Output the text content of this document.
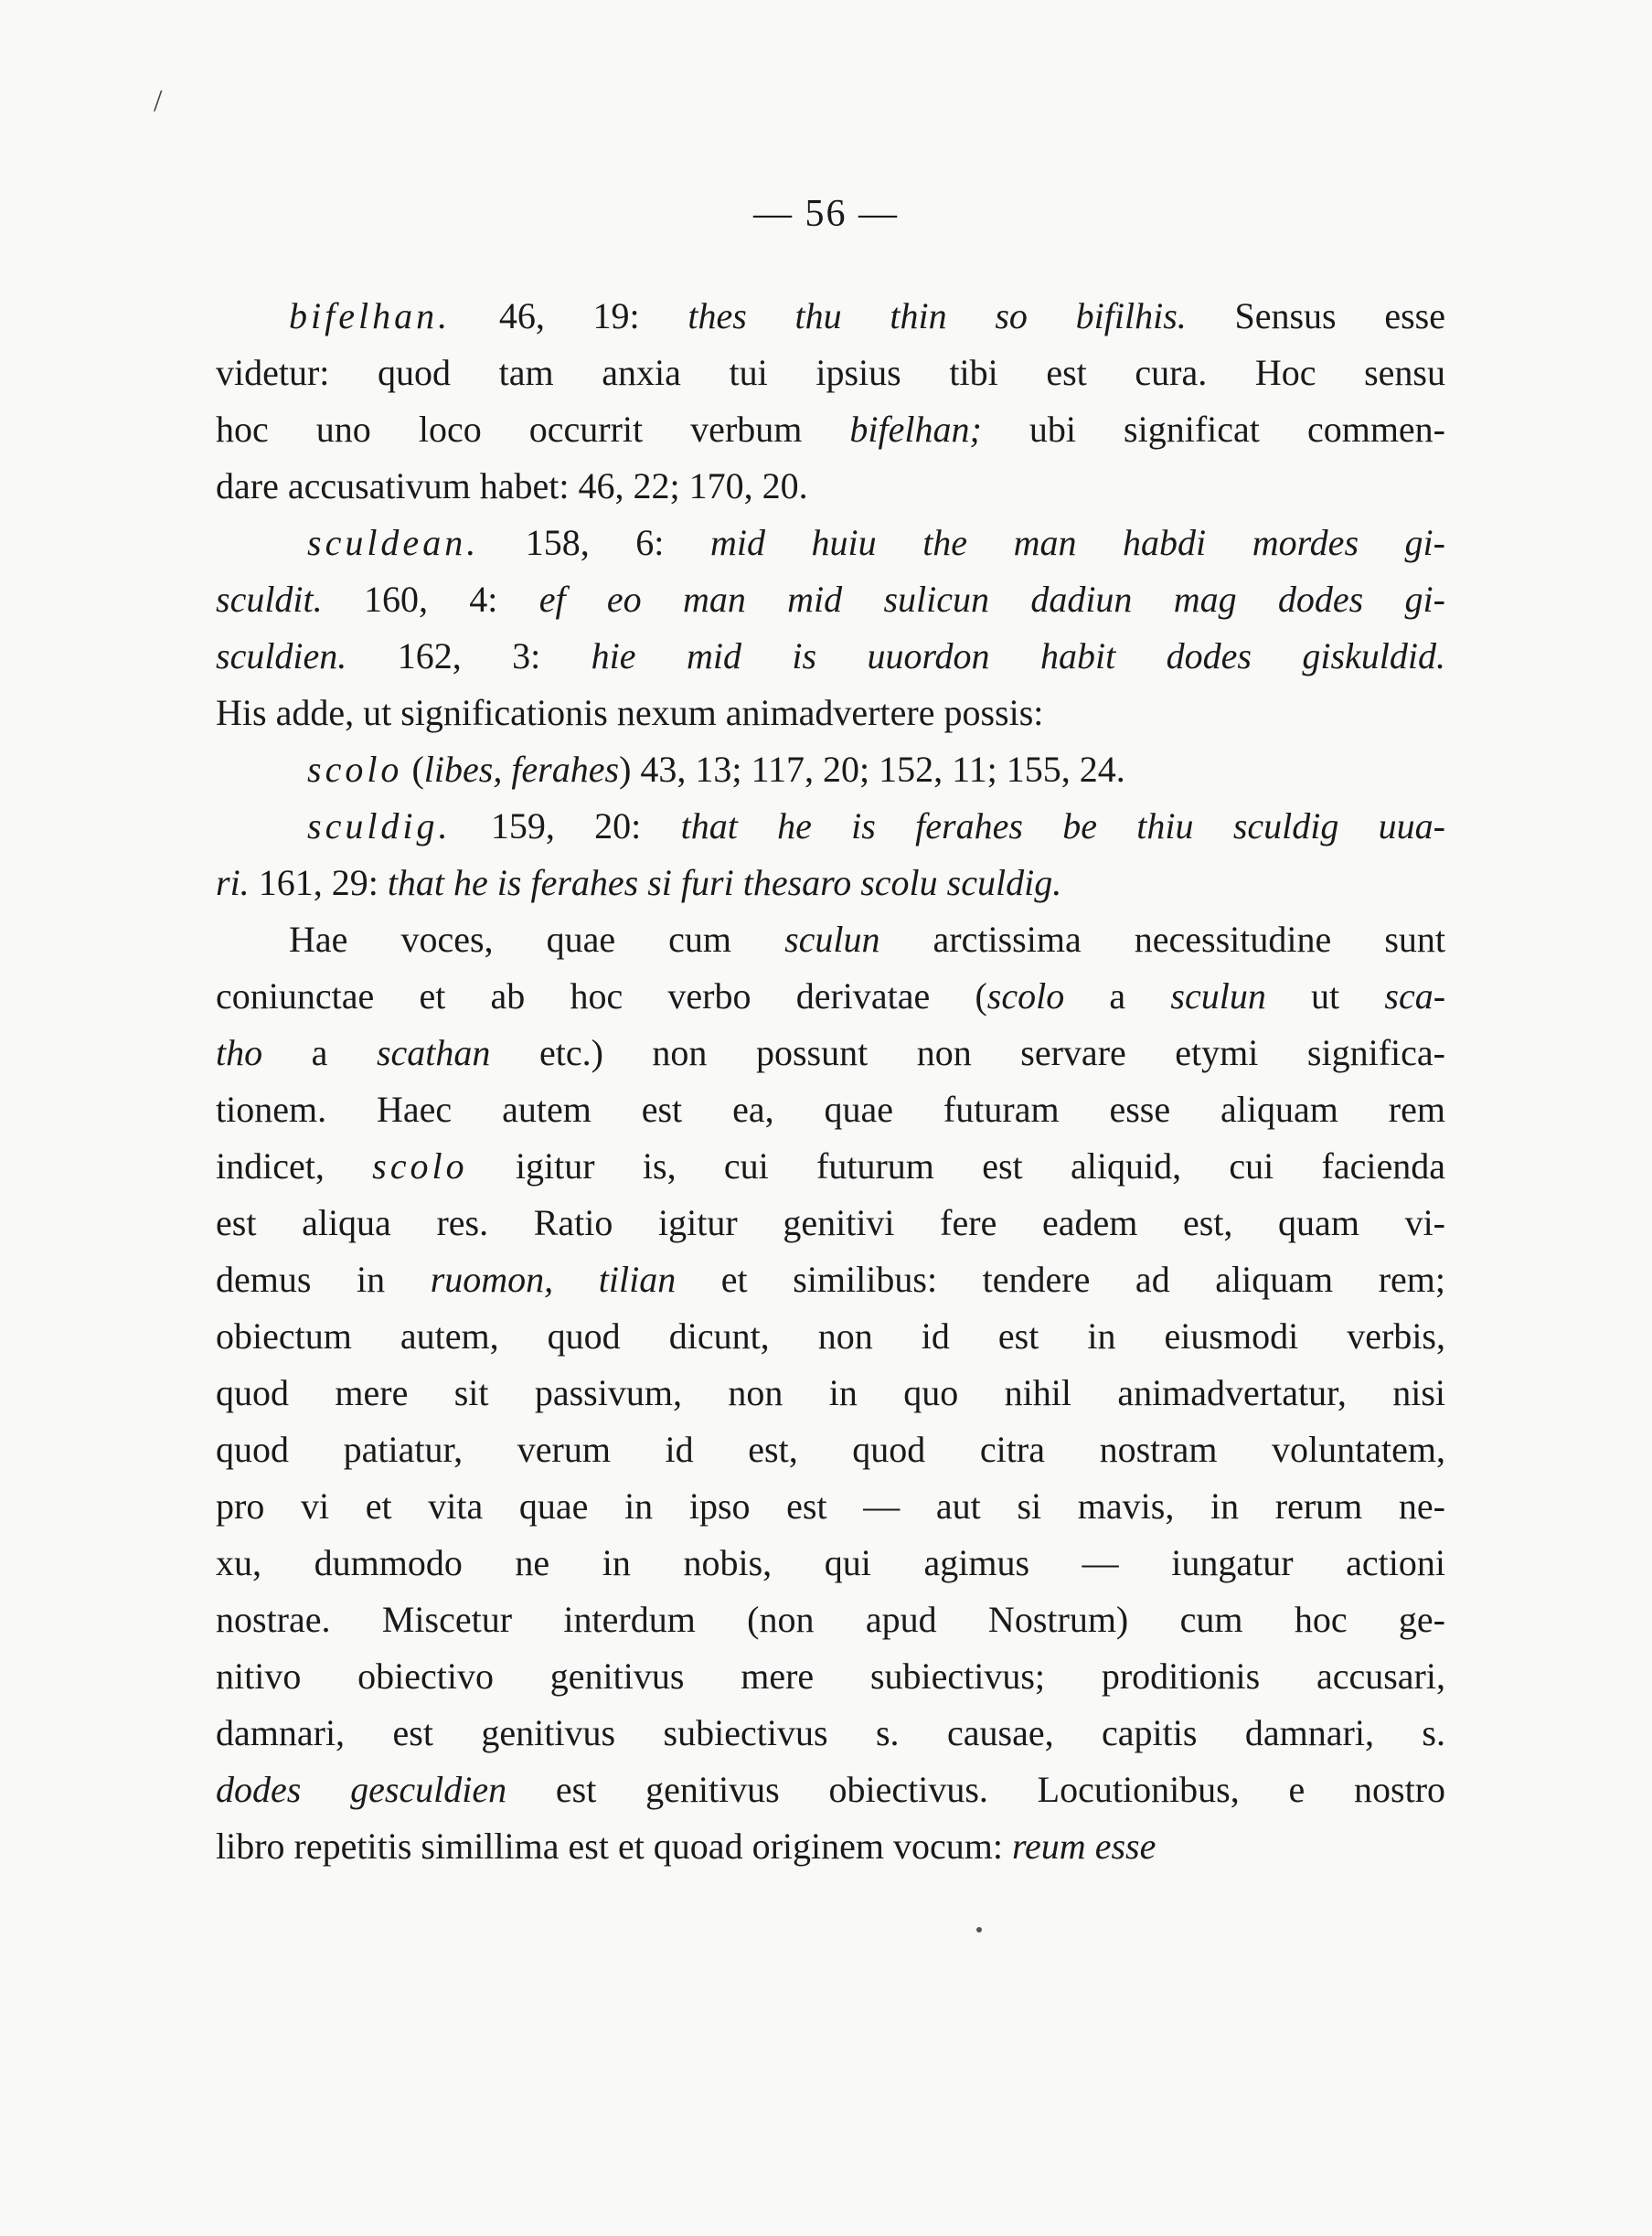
/
— 56 —
bifelhan. 46, 19: thes thu thin so bifilhis. Sensus esse
videtur: quod tam anxia tui ipsius tibi est cura. Hoc sensu
hoc uno loco occurrit verbum bifelhan; ubi significat commen-
dare accusativum habet: 46, 22; 170, 20.
sculdean. 158, 6: mid huiu the man habdi mordes gi-
sculdit. 160, 4: ef eo man mid sulicun dadiun mag dodes gi-
sculdien. 162, 3: hie mid is uuordon habit dodes giskuldid.
His adde, ut significationis nexum animadvertere possis:
scolo (libes, ferahes) 43, 13; 117, 20; 152, 11; 155, 24.
sculdig. 159, 20: that he is ferahes be thiu sculdig uua-
ri. 161, 29: that he is ferahes si furi thesaro scolu sculdig.
Hae voces, quae cum sculun arctissima necessitudine sunt
coniunctae et ab hoc verbo derivatae (scolo a sculun ut sca-
tho a scathan etc.) non possunt non servare etymi significa-
tionem. Haec autem est ea, quae futuram esse aliquam rem
indicet, scolo igitur is, cui futurum est aliquid, cui facienda
est aliqua res. Ratio igitur genitivi fere eadem est, quam vi-
demus in ruomon, tilian et similibus: tendere ad aliquam rem;
obiectum autem, quod dicunt, non id est in eiusmodi verbis,
quod mere sit passivum, non in quo nihil animadvertatur, nisi
quod patiatur, verum id est, quod citra nostram voluntatem,
pro vi et vita quae in ipso est — aut si mavis, in rerum ne-
xu, dummodo ne in nobis, qui agimus — iungatur actioni
nostrae. Miscetur interdum (non apud Nostrum) cum hoc ge-
nitivo obiectivo genitivus mere subiectivus; proditionis accusari,
damnari, est genitivus subiectivus s. causae, capitis damnari, s.
dodes gesculdien est genitivus obiectivus. Locutionibus, e nostro
libro repetitis simillima est et quoad originem vocum: reum esse
